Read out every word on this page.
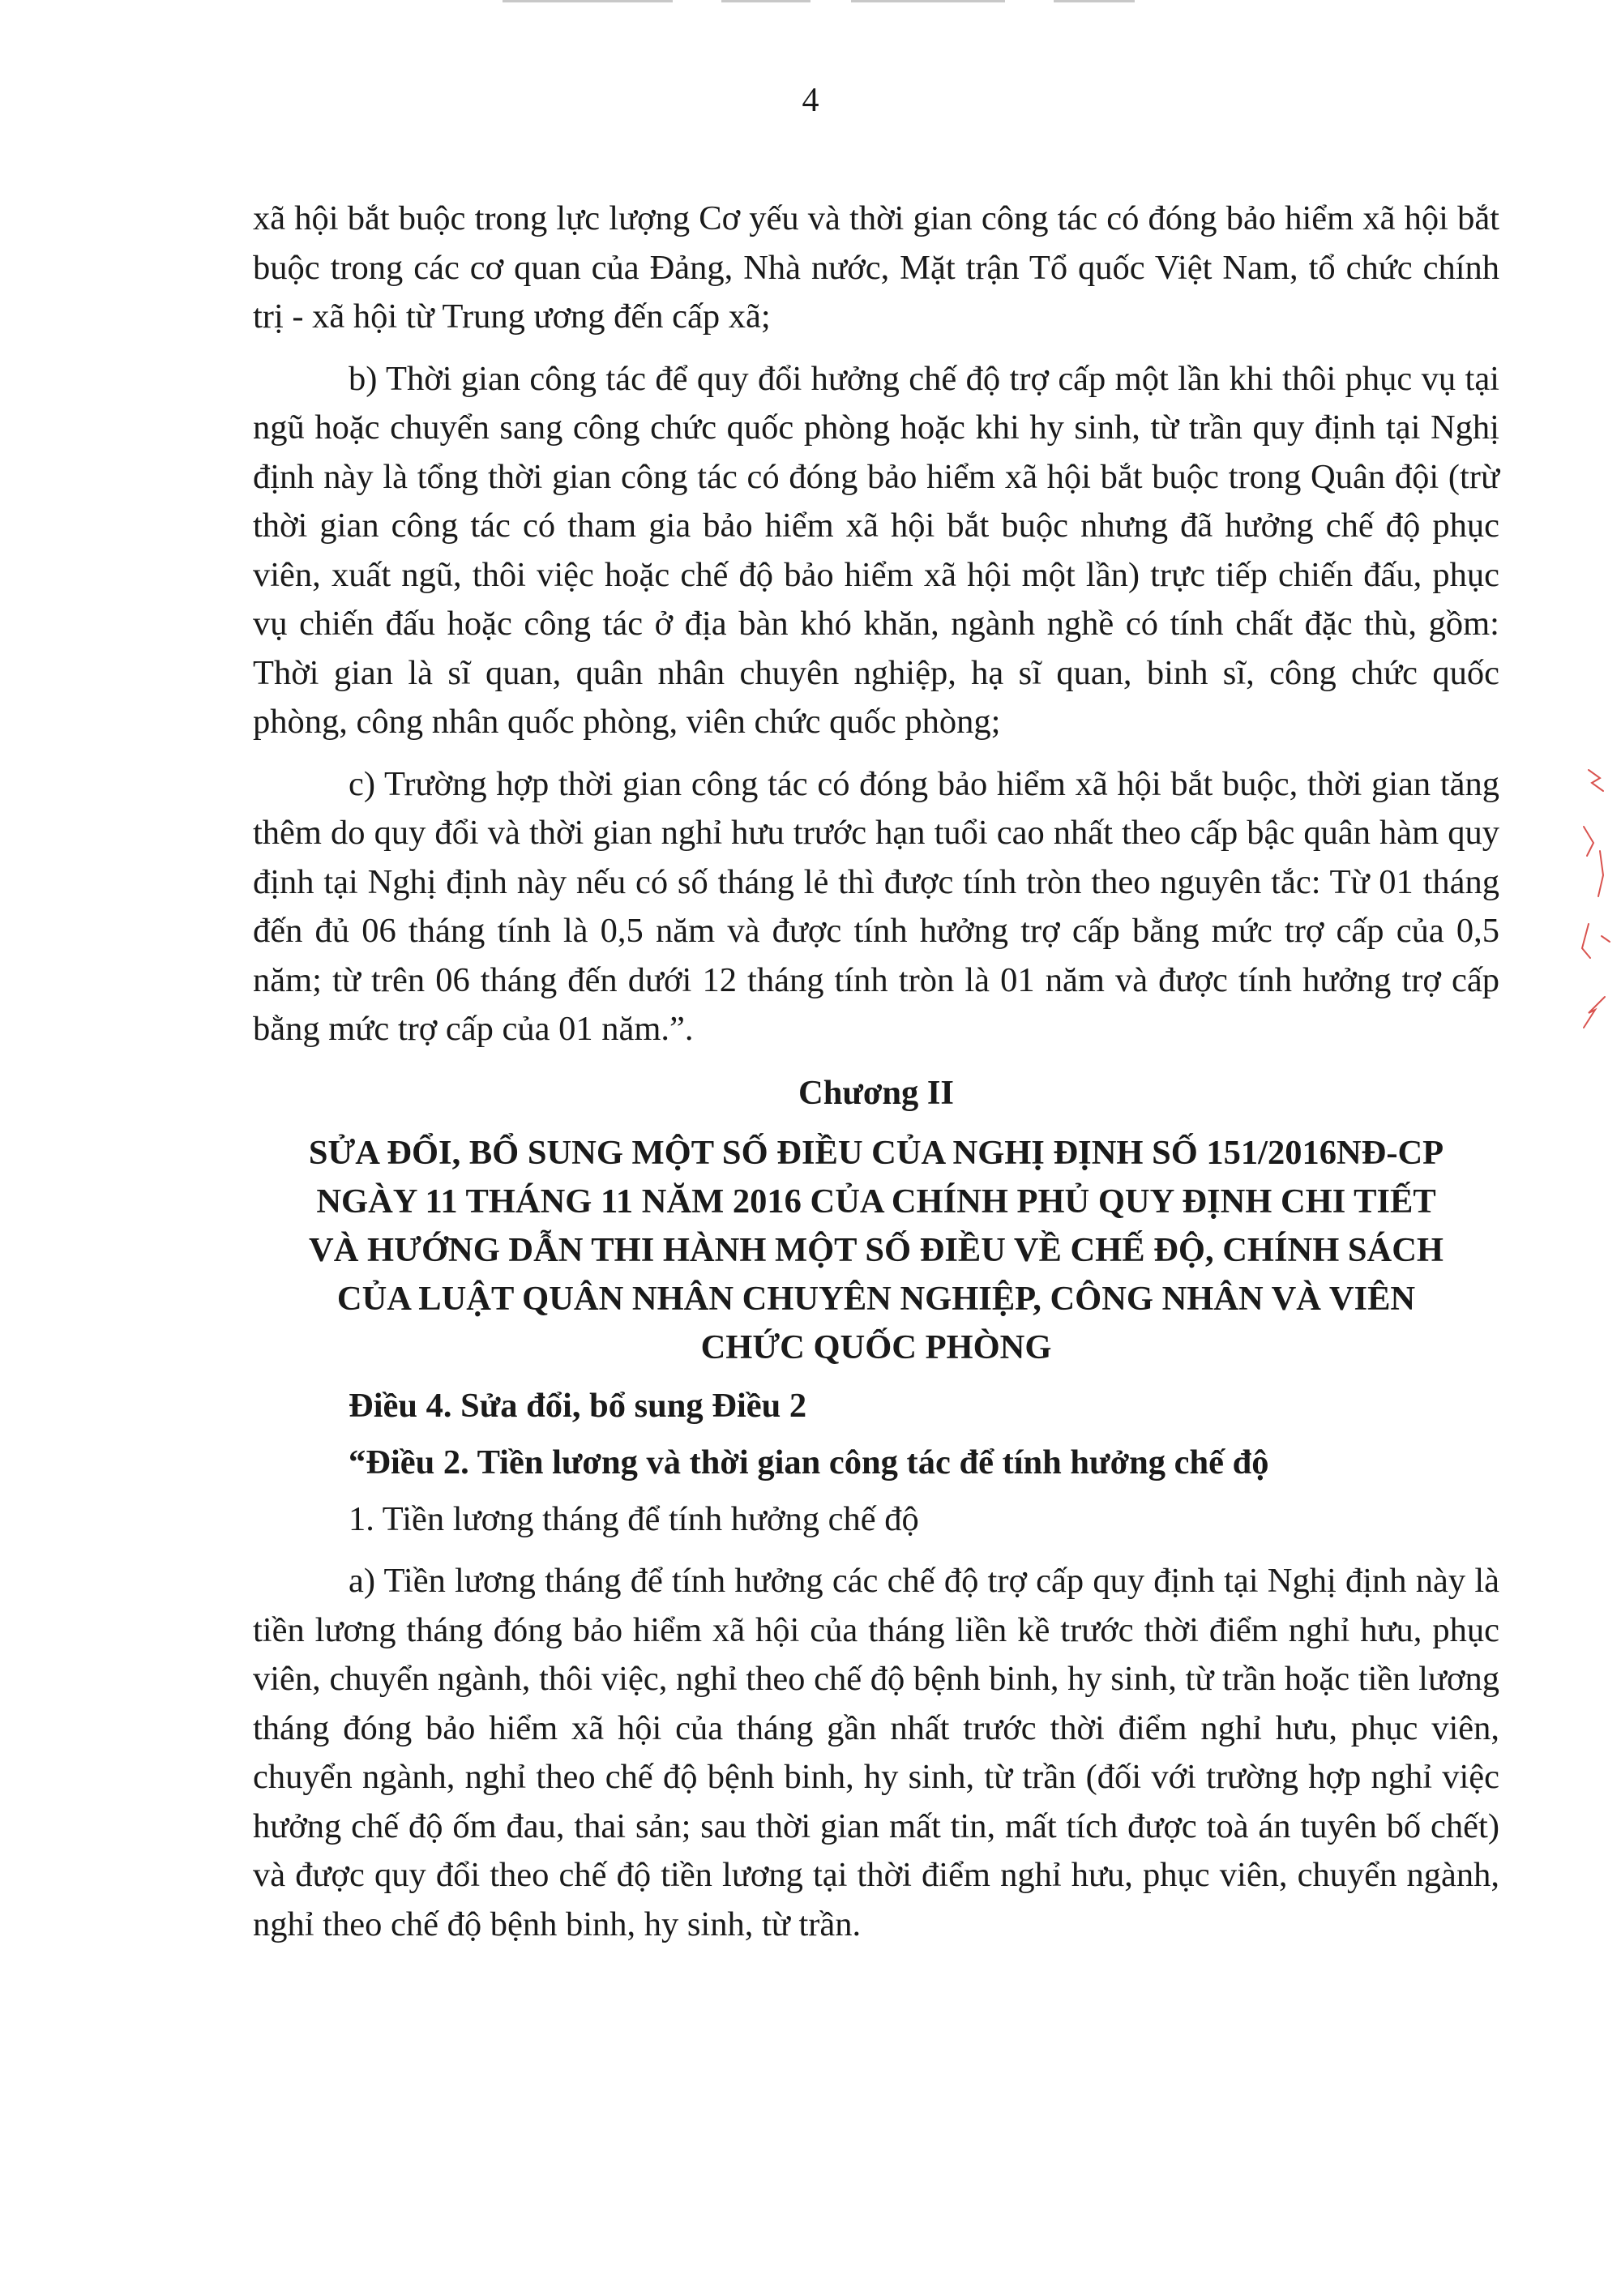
4

xã hội bắt buộc trong lực lượng Cơ yếu và thời gian công tác có đóng bảo hiểm xã hội bắt buộc trong các cơ quan của Đảng, Nhà nước, Mặt trận Tổ quốc Việt Nam, tổ chức chính trị - xã hội từ Trung ương đến cấp xã;

b) Thời gian công tác để quy đổi hưởng chế độ trợ cấp một lần khi thôi phục vụ tại ngũ hoặc chuyển sang công chức quốc phòng hoặc khi hy sinh, từ trần quy định tại Nghị định này là tổng thời gian công tác có đóng bảo hiểm xã hội bắt buộc trong Quân đội (trừ thời gian công tác có tham gia bảo hiểm xã hội bắt buộc nhưng đã hưởng chế độ phục viên, xuất ngũ, thôi việc hoặc chế độ bảo hiểm xã hội một lần) trực tiếp chiến đấu, phục vụ chiến đấu hoặc công tác ở địa bàn khó khăn, ngành nghề có tính chất đặc thù, gồm: Thời gian là sĩ quan, quân nhân chuyên nghiệp, hạ sĩ quan, binh sĩ, công chức quốc phòng, công nhân quốc phòng, viên chức quốc phòng;

c) Trường hợp thời gian công tác có đóng bảo hiểm xã hội bắt buộc, thời gian tăng thêm do quy đổi và thời gian nghỉ hưu trước hạn tuổi cao nhất theo cấp bậc quân hàm quy định tại Nghị định này nếu có số tháng lẻ thì được tính tròn theo nguyên tắc: Từ 01 tháng đến đủ 06 tháng tính là 0,5 năm và được tính hưởng trợ cấp bằng mức trợ cấp của 0,5 năm; từ trên 06 tháng đến dưới 12 tháng tính tròn là 01 năm và được tính hưởng trợ cấp bằng mức trợ cấp của 01 năm.”.

Chương II
SỬA ĐỔI, BỔ SUNG MỘT SỐ ĐIỀU CỦA NGHỊ ĐỊNH SỐ 151/2016NĐ-CP
NGÀY 11 THÁNG 11 NĂM 2016 CỦA CHÍNH PHỦ QUY ĐỊNH CHI TIẾT
VÀ HƯỚNG DẪN THI HÀNH MỘT SỐ ĐIỀU VỀ CHẾ ĐỘ, CHÍNH SÁCH
CỦA LUẬT QUÂN NHÂN CHUYÊN NGHIỆP, CÔNG NHÂN VÀ VIÊN
CHỨC QUỐC PHÒNG
Điều 4. Sửa đổi, bổ sung Điều 2
“Điều 2. Tiền lương và thời gian công tác để tính hưởng chế độ

1. Tiền lương tháng để tính hưởng chế độ

a) Tiền lương tháng để tính hưởng các chế độ trợ cấp quy định tại Nghị định này là tiền lương tháng đóng bảo hiểm xã hội của tháng liền kề trước thời điểm nghỉ hưu, phục viên, chuyển ngành, thôi việc, nghỉ theo chế độ bệnh binh, hy sinh, từ trần hoặc tiền lương tháng đóng bảo hiểm xã hội của tháng gần nhất trước thời điểm nghỉ hưu, phục viên, chuyển ngành, nghỉ theo chế độ bệnh binh, hy sinh, từ trần (đối với trường hợp nghỉ việc hưởng chế độ ốm đau, thai sản; sau thời gian mất tin, mất tích được toà án tuyên bố chết) và được quy đổi theo chế độ tiền lương tại thời điểm nghỉ hưu, phục viên, chuyển ngành, nghỉ theo chế độ bệnh binh, hy sinh, từ trần.
